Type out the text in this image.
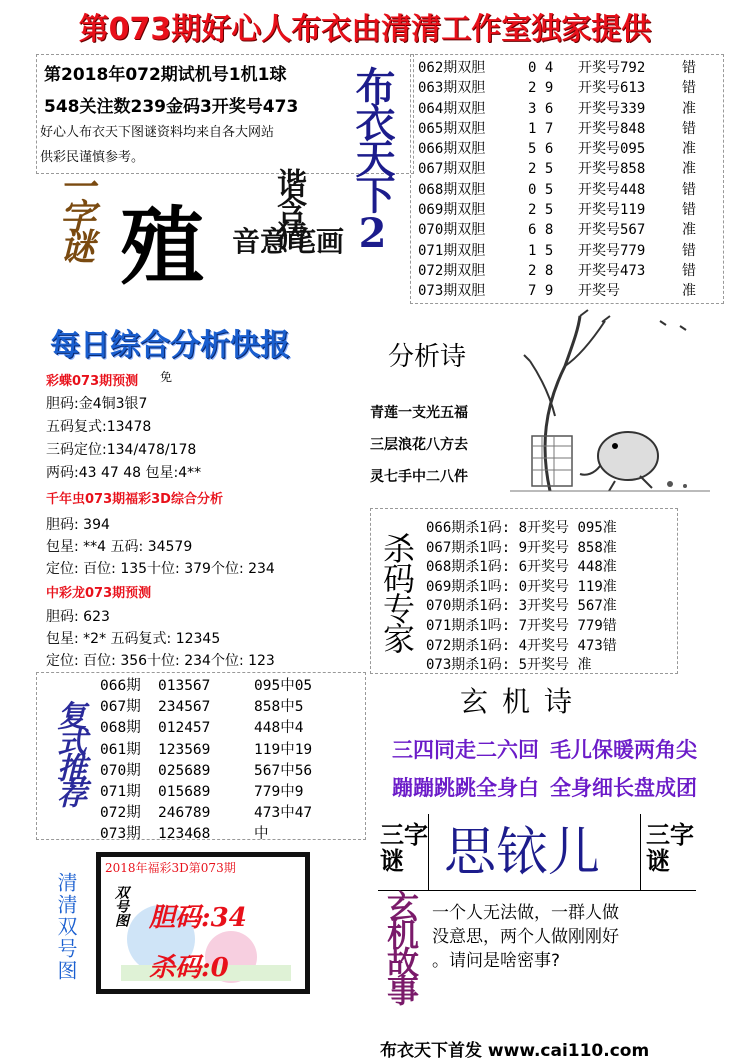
第073期好心人布衣由清清工作室独家提供
第2018年072期试机号1机1球
548关注数239金码3开奖号473
好心人布衣天下图谜资料均来自各大网站
供彩民谨慎参考。	布衣天下2	062期双胆	0 4 开奖号792	错
063期双胆	2 9 开奖号613	错
064期双胆	3 6 开奖号339	准
065期双胆	1 7 开奖号848	错
066期双胆	5 6 开奖号095	准
067期双胆	2 5 开奖号858	准
068期双胆	0 5 开奖号448	错
069期双胆	2 5 开奖号119	错
070期双胆	6 8 开奖号567	准
071期双胆	1 5 开奖号779	错
072期双胆	2 8 开奖号473	错
073期双胆	7 9 开奖号	准
一字谜 殖 谐含猜
音意笔画
每日综合分析快报
彩蝶073期预测 免
胆码:金4铜3银7
五码复式:13478
三码定位:134/478/178
两码:43 47 48 包星:4**
千年虫073期福彩3D综合分析
胆码: 394
包星: **4 五码: 34579
定位: 百位: 135十位: 379个位: 234
中彩龙073期预测
胆码: 623
包星: *2* 五码复式: 12345
定位: 百位: 356十位: 234个位: 123
分析诗
青莲一支光五福
三层浪花八方去
灵七手中二八件
杀码专家
066期杀1码: 8开奖号 095准
067期杀1吗: 9开奖号 858准
068期杀1码: 6开奖号 448准
069期杀1吗: 0开奖号 119准
070期杀1码: 3开奖号 567准
071期杀1吗: 7开奖号 779错
072期杀1码: 4开奖号 473错
073期杀1码: 5开奖号 准
玄机诗
三四同走二六回 毛儿保暖两角尖
蹦蹦跳跳全身白 全身细长盘成团
复式推荐
066期 013567	095中05
067期 234567	858中5
068期 012457	448中4
061期 123569	119中19
070期 025689	567中56
071期 015689	779中9
072期 246789	473中47
073期 123468	中	三字谜 思铱儿 三字谜
玄机故事 一个人无法做，一群人做
没意思，两个人做刚刚好
。请问是啥密事?
清清双号图
2018年福彩3D第073期
双号图 胆码:34
杀码:0
布衣天下首发 www.cai110.com
